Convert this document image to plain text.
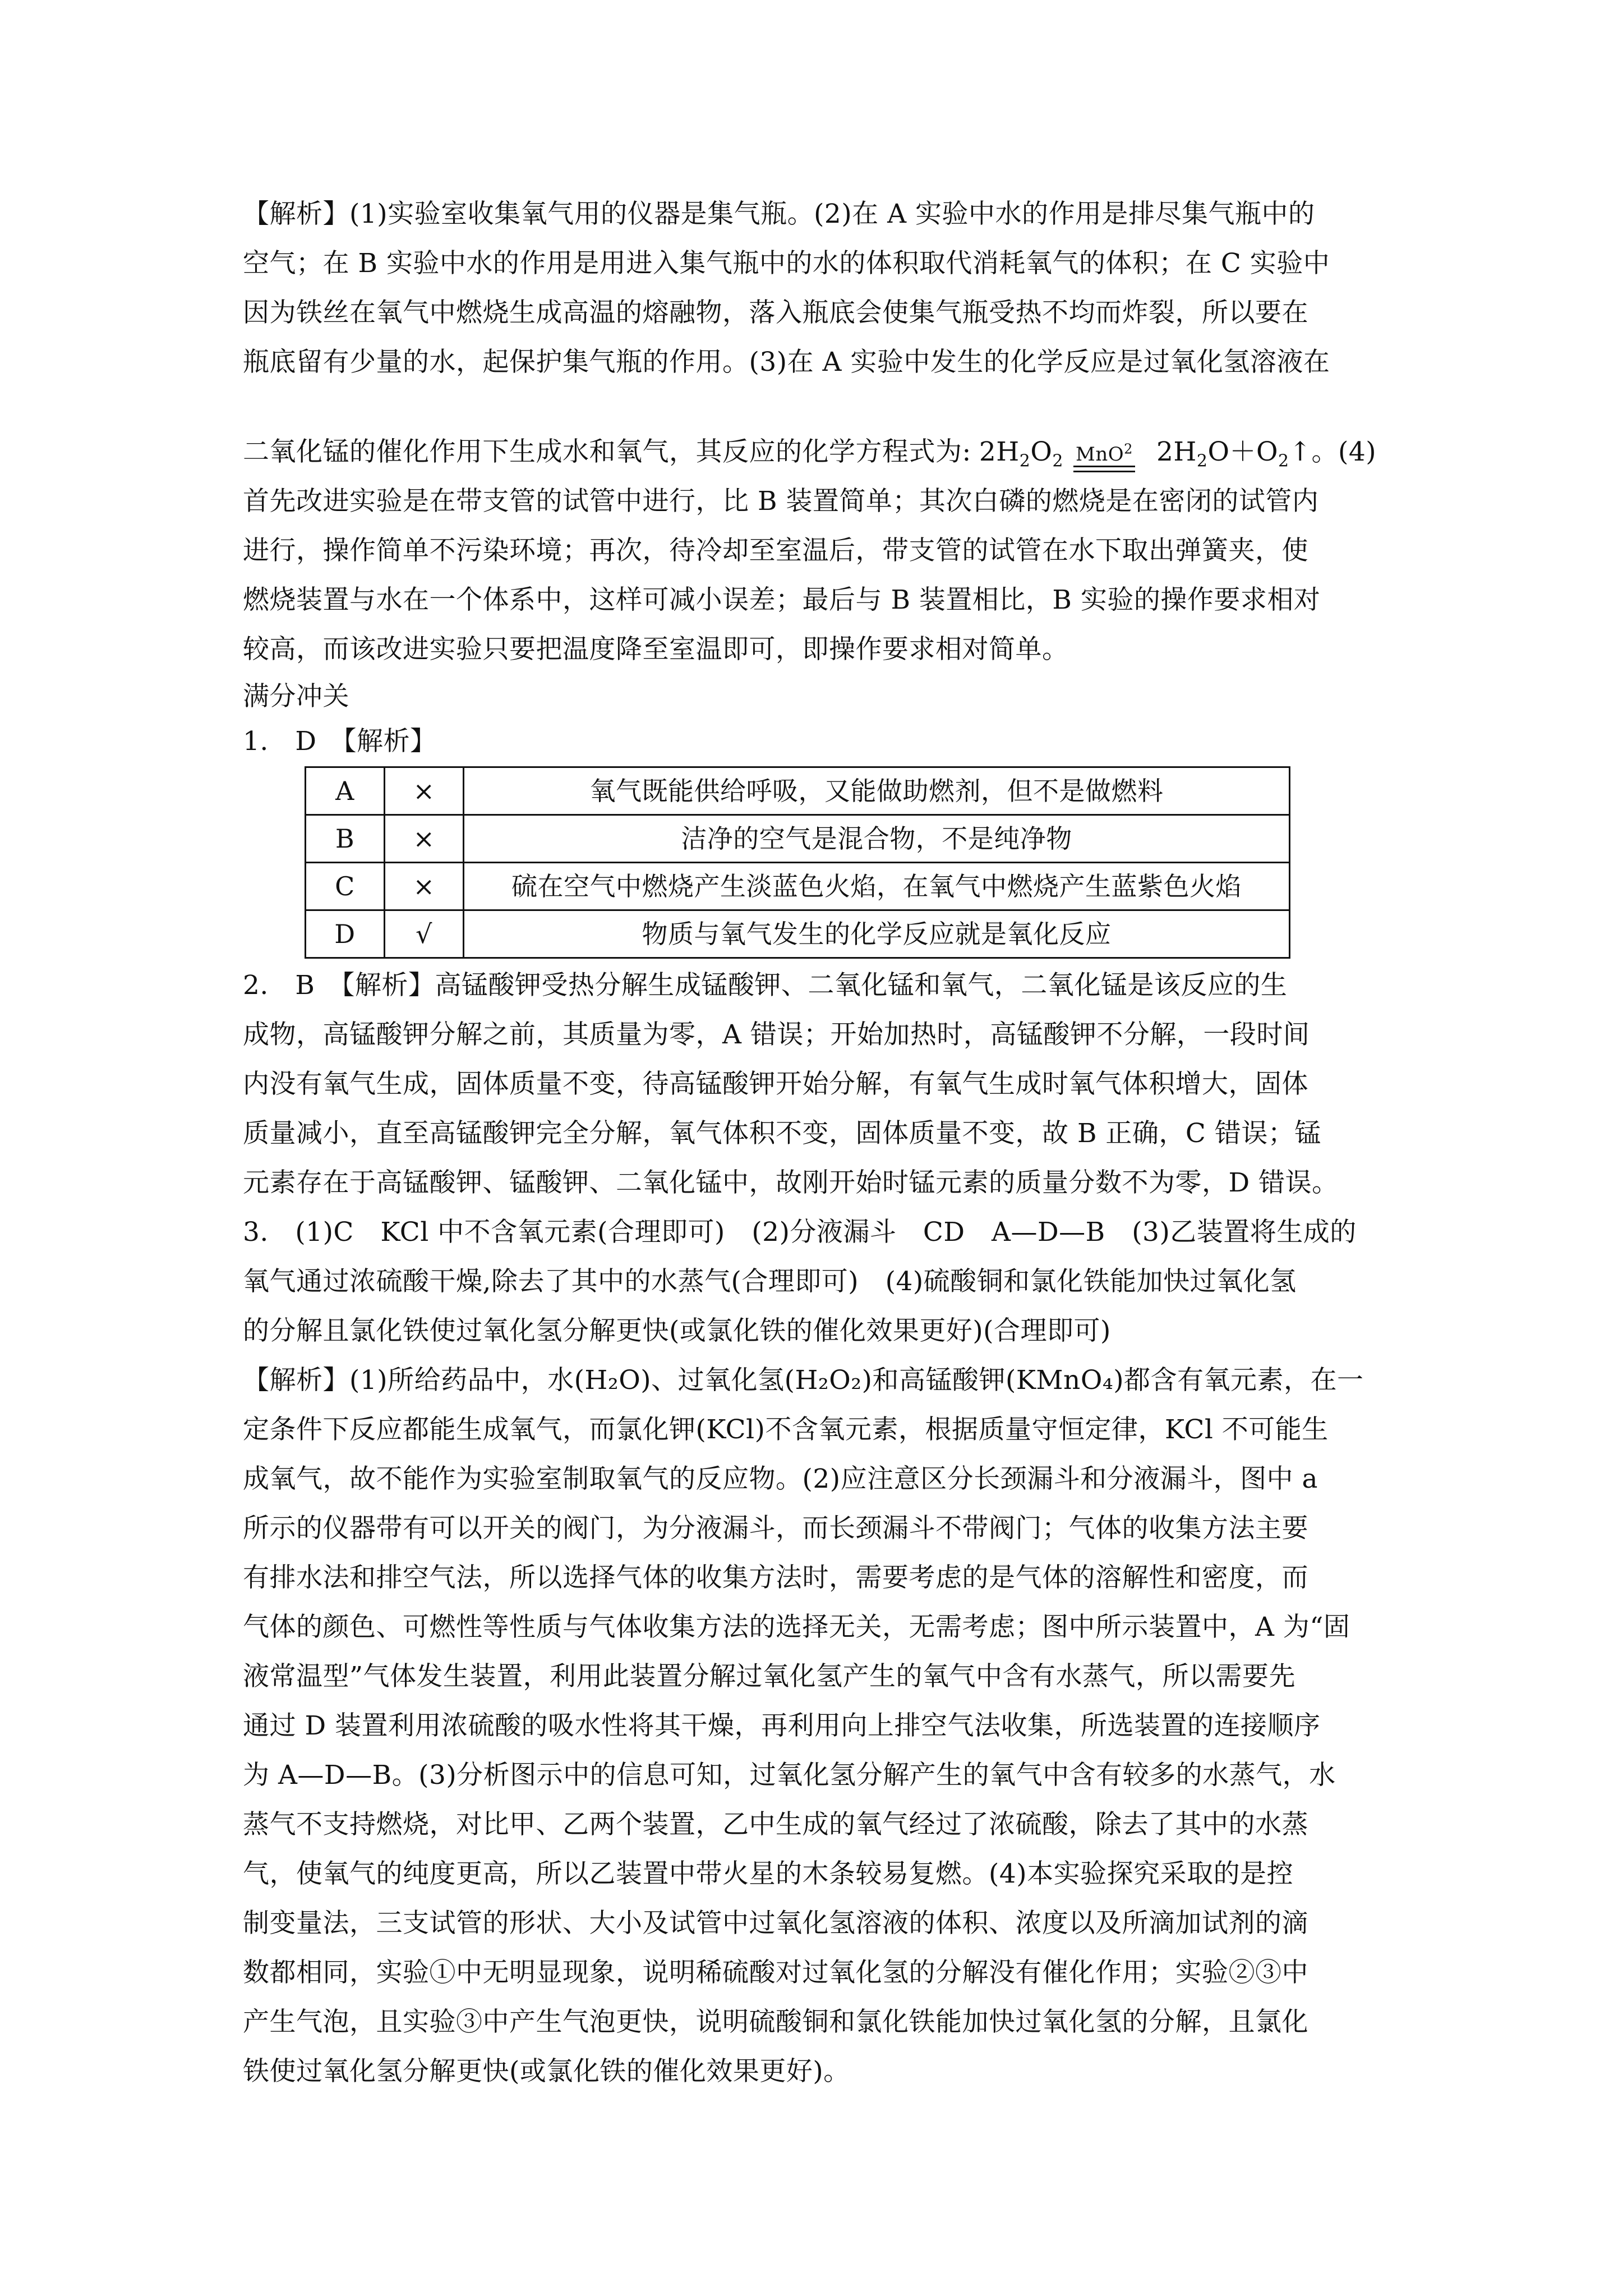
【解析】(1)实验室收集氧气用的仪器是集气瓶。(2)在 A 实验中水的作用是排尽集气瓶中的

空气；在 B 实验中水的作用是用进入集气瓶中的水的体积取代消耗氧气的体积；在 C 实验中

因为铁丝在氧气中燃烧生成高温的熔融物，落入瓶底会使集气瓶受热不均而炸裂，所以要在

瓶底留有少量的水，起保护集气瓶的作用。(3)在 A 实验中发生的化学反应是过氧化氢溶液在

二氧化锰的催化作用下生成水和氧气，其反应的化学方程式为: $2H_2O_2$ MnO$^2$ $2H_2O+O_2↑$。(4)

首先改进实验是在带支管的试管中进行，比 B 装置简单；其次白磷的燃烧是在密闭的试管内

进行，操作简单不污染环境；再次，待冷却至室温后，带支管的试管在水下取出弹簧夹，使

燃烧装置与水在一个体系中，这样可减小误差；最后与 B 装置相比，B 实验的操作要求相对

较高，而该改进实验只要把温度降至室温即可，即操作要求相对简单。

满分冲关

1.　D　【解析】

A	×	氧气既能供给呼吸，又能做助燃剂，但不是做燃料
B	×	洁净的空气是混合物，不是纯净物
C	×	硫在空气中燃烧产生淡蓝色火焰，在氧气中燃烧产生蓝紫色火焰
D	√	物质与氧气发生的化学反应就是氧化反应

2.　B　【解析】高锰酸钾受热分解生成锰酸钾、二氧化锰和氧气，二氧化锰是该反应的生

成物，高锰酸钾分解之前，其质量为零，A 错误；开始加热时，高锰酸钾不分解，一段时间

内没有氧气生成，固体质量不变，待高锰酸钾开始分解，有氧气生成时氧气体积增大，固体

质量减小，直至高锰酸钾完全分解，氧气体积不变，固体质量不变，故 B 正确，C 错误；锰

元素存在于高锰酸钾、锰酸钾、二氧化锰中，故刚开始时锰元素的质量分数不为零，D 错误。

3.　(1)C　KCl 中不含氧元素(合理即可)　(2)分液漏斗　CD　A—D—B　(3)乙装置将生成的

氧气通过浓硫酸干燥,除去了其中的水蒸气(合理即可)　(4)硫酸铜和氯化铁能加快过氧化氢

的分解且氯化铁使过氧化氢分解更快(或氯化铁的催化效果更好)(合理即可)

【解析】(1)所给药品中，水(H₂O)、过氧化氢(H₂O₂)和高锰酸钾(KMnO₄)都含有氧元素，在一

定条件下反应都能生成氧气，而氯化钾(KCl)不含氧元素，根据质量守恒定律，KCl 不可能生

成氧气，故不能作为实验室制取氧气的反应物。(2)应注意区分长颈漏斗和分液漏斗，图中 a

所示的仪器带有可以开关的阀门，为分液漏斗，而长颈漏斗不带阀门；气体的收集方法主要

有排水法和排空气法，所以选择气体的收集方法时，需要考虑的是气体的溶解性和密度，而

气体的颜色、可燃性等性质与气体收集方法的选择无关，无需考虑；图中所示装置中，A 为“固

液常温型”气体发生装置，利用此装置分解过氧化氢产生的氧气中含有水蒸气，所以需要先

通过 D 装置利用浓硫酸的吸水性将其干燥，再利用向上排空气法收集，所选装置的连接顺序

为 A—D—B。(3)分析图示中的信息可知，过氧化氢分解产生的氧气中含有较多的水蒸气，水

蒸气不支持燃烧，对比甲、乙两个装置，乙中生成的氧气经过了浓硫酸，除去了其中的水蒸

气，使氧气的纯度更高，所以乙装置中带火星的木条较易复燃。(4)本实验探究采取的是控

制变量法，三支试管的形状、大小及试管中过氧化氢溶液的体积、浓度以及所滴加试剂的滴

数都相同，实验①中无明显现象，说明稀硫酸对过氧化氢的分解没有催化作用；实验②③中

产生气泡，且实验③中产生气泡更快，说明硫酸铜和氯化铁能加快过氧化氢的分解，且氯化

铁使过氧化氢分解更快(或氯化铁的催化效果更好)。
